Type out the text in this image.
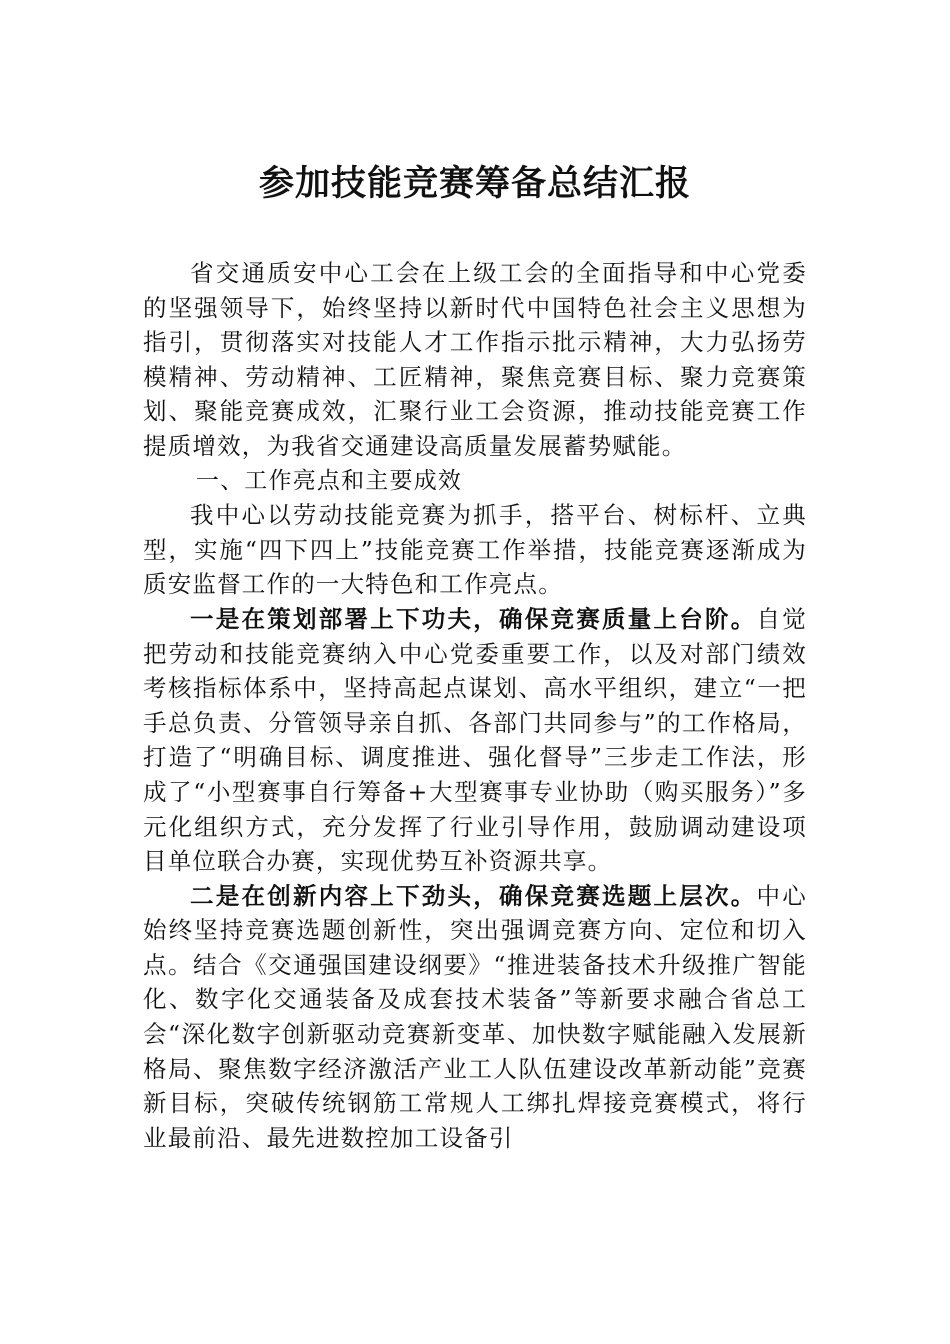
参加技能竞赛筹备总结汇报

省交通质安中心工会在上级工会的全面指导和中心党委的坚强领导下，始终坚持以新时代中国特色社会主义思想为指引，贯彻落实对技能人才工作指示批示精神，大力弘扬劳模精神、劳动精神、工匠精神，聚焦竞赛目标、聚力竞赛策划、聚能竞赛成效，汇聚行业工会资源，推动技能竞赛工作提质增效，为我省交通建设高质量发展蓄势赋能。

一、工作亮点和主要成效

我中心以劳动技能竞赛为抓手，搭平台、树标杆、立典型，实施“四下四上”技能竞赛工作举措，技能竞赛逐渐成为质安监督工作的一大特色和工作亮点。

一是在策划部署上下功夫，确保竞赛质量上台阶。自觉把劳动和技能竞赛纳入中心党委重要工作，以及对部门绩效考核指标体系中，坚持高起点谋划、高水平组织，建立“一把手总负责、分管领导亲自抓、各部门共同参与”的工作格局，打造了“明确目标、调度推进、强化督导”三步走工作法，形成了“小型赛事自行筹备+大型赛事专业协助（购买服务）”多元化组织方式，充分发挥了行业引导作用，鼓励调动建设项目单位联合办赛，实现优势互补资源共享。

二是在创新内容上下劲头，确保竞赛选题上层次。中心始终坚持竞赛选题创新性，突出强调竞赛方向、定位和切入点。结合《交通强国建设纲要》“推进装备技术升级推广智能化、数字化交通装备及成套技术装备”等新要求融合省总工会“深化数字创新驱动竞赛新变革、加快数字赋能融入发展新格局、聚焦数字经济激活产业工人队伍建设改革新动能”竞赛新目标，突破传统钢筋工常规人工绑扎焊接竞赛模式，将行业最前沿、最先进数控加工设备引
